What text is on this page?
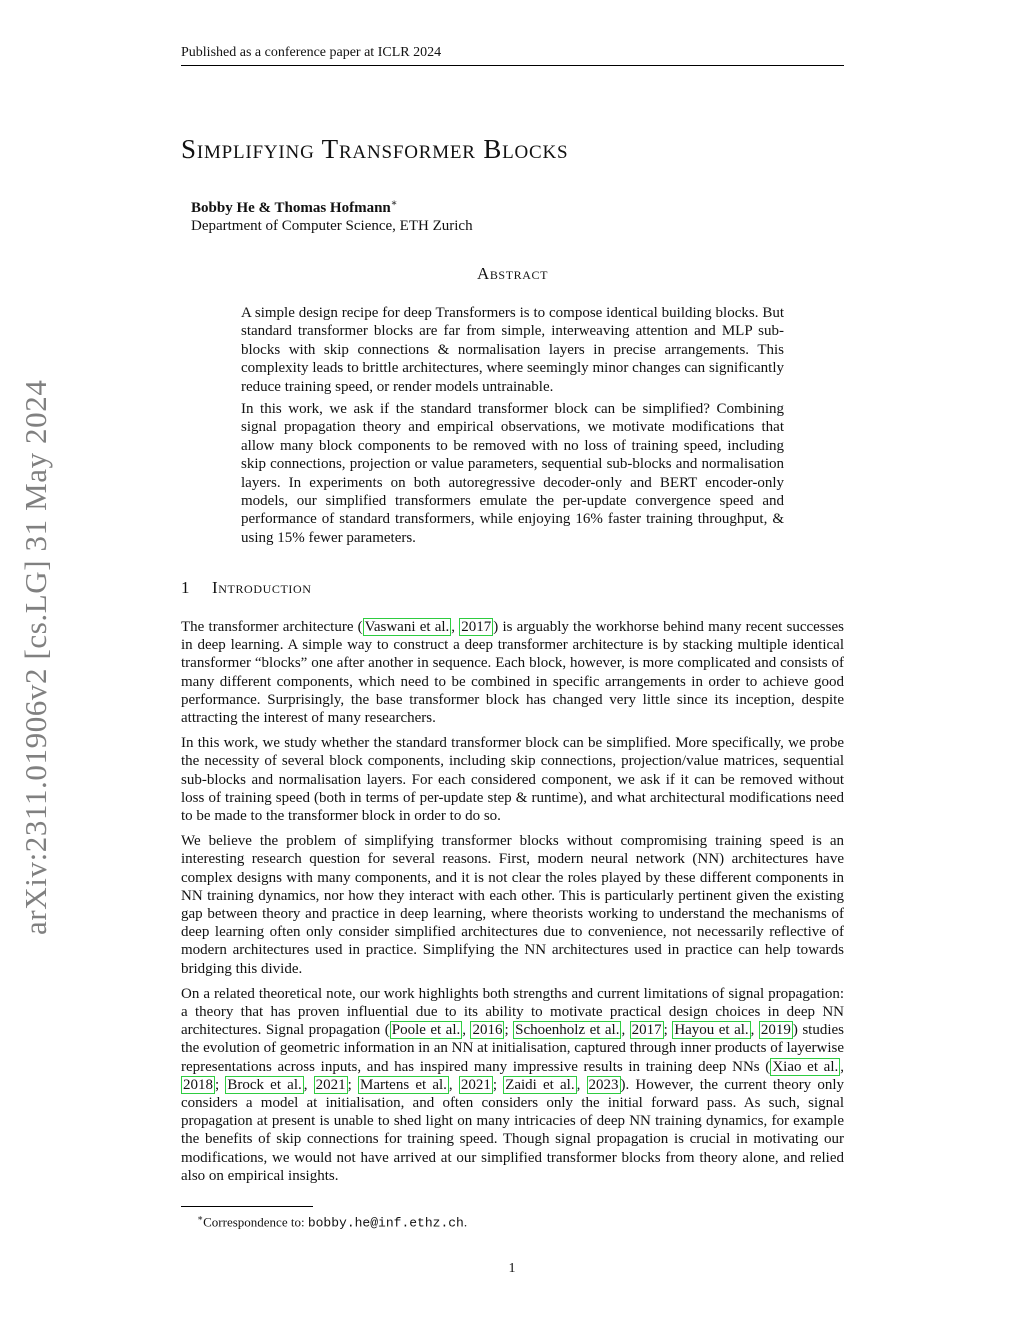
Published as a conference paper at ICLR 2024
arXiv:2311.01906v2 [cs.LG] 31 May 2024
Simplifying Transformer Blocks
Bobby He & Thomas Hofmann∗
Department of Computer Science, ETH Zurich
Abstract

A simple design recipe for deep Transformers is to compose identical building blocks. But standard transformer blocks are far from simple, interweaving attention and MLP sub-blocks with skip connections & normalisation layers in precise arrangements. This complexity leads to brittle architectures, where seemingly minor changes can significantly reduce training speed, or render models untrainable.

In this work, we ask if the standard transformer block can be simplified? Combining signal propagation theory and empirical observations, we motivate modifications that allow many block components to be removed with no loss of training speed, including skip connections, projection or value parameters, sequential sub-blocks and normalisation layers. In experiments on both autoregressive decoder-only and BERT encoder-only models, our simplified transformers emulate the per-update convergence speed and performance of standard transformers, while enjoying 16% faster training throughput, & using 15% fewer parameters.

1 Introduction

The transformer architecture ( Vaswani et al. , 2017 ) is arguably the workhorse behind many recent successes in deep learning. A simple way to construct a deep transformer architecture is by stacking multiple identical transformer “blocks” one after another in sequence. Each block, however, is more complicated and consists of many different components, which need to be combined in specific arrangements in order to achieve good performance. Surprisingly, the base transformer block has changed very little since its inception, despite attracting the interest of many researchers.

In this work, we study whether the standard transformer block can be simplified. More specifically, we probe the necessity of several block components, including skip connections, projection/value matrices, sequential sub-blocks and normalisation layers. For each considered component, we ask if it can be removed without loss of training speed (both in terms of per-update step & runtime), and what architectural modifications need to be made to the transformer block in order to do so.

We believe the problem of simplifying transformer blocks without compromising training speed is an interesting research question for several reasons. First, modern neural network (NN) architectures have complex designs with many components, and it is not clear the roles played by these different components in NN training dynamics, nor how they interact with each other. This is particularly pertinent given the existing gap between theory and practice in deep learning, where theorists working to understand the mechanisms of deep learning often only consider simplified architectures due to convenience, not necessarily reflective of modern architectures used in practice. Simplifying the NN architectures used in practice can help towards bridging this divide.

On a related theoretical note, our work highlights both strengths and current limitations of signal propagation: a theory that has proven influential due to its ability to motivate practical design choices in deep NN architectures. Signal propagation ( Poole et al. , 2016 ; Schoenholz et al. , 2017 ; Hayou et al. , 2019 ) studies the evolution of geometric information in an NN at initialisation, captured through inner products of layerwise representations across inputs, and has inspired many impressive results in training deep NNs ( Xiao et al. , 2018 ; Brock et al. , 2021 ; Martens et al. , 2021 ; Zaidi et al. , 2023 ). However, the current theory only considers a model at initialisation, and often considers only the initial forward pass. As such, signal propagation at present is unable to shed light on many intricacies of deep NN training dynamics, for example the benefits of skip connections for training speed. Though signal propagation is crucial in motivating our modifications, we would not have arrived at our simplified transformer blocks from theory alone, and relied also on empirical insights.

∗Correspondence to: bobby.he@inf.ethz.ch.
1
